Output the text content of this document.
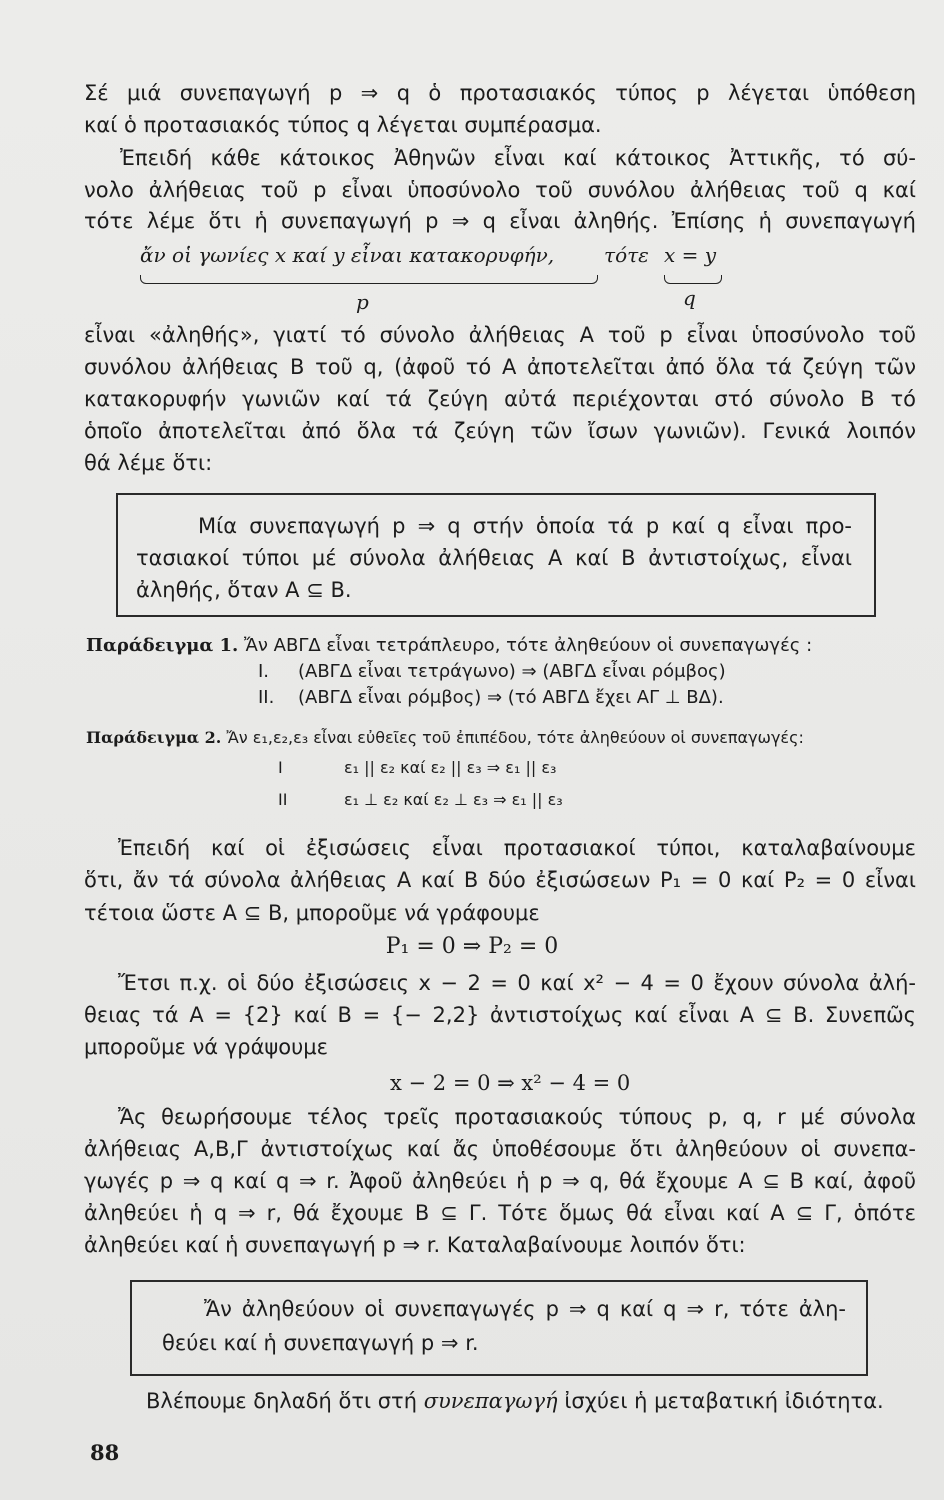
Σέ μιά συνεπαγωγή p ⇒ q ὁ προτασιακός τύπος p λέγεται ὑπόθεση
καί ὁ προτασιακός τύπος q λέγεται συμπέρασμα.
Ἐπειδή κάθε κάτοικος Ἀθηνῶν εἶναι καί κάτοικος Ἀττικῆς, τό σύ-
νολο ἀλήθειας τοῦ p εἶναι ὑποσύνολο τοῦ συνόλου ἀλήθειας τοῦ q καί
τότε λέμε ὅτι ἡ συνεπαγωγή p ⇒ q εἶναι ἀληθής. Ἐπίσης ἡ συνεπαγωγή
ἄν οἱ γωνίες x καί y εἶναι κατακορυφήν, τότε x = y
p	q
εἶναι «ἀληθής», γιατί τό σύνολο ἀλήθειας A τοῦ p εἶναι ὑποσύνολο τοῦ
συνόλου ἀλήθειας B τοῦ q, (ἀφοῦ τό A ἀποτελεῖται ἀπό ὅλα τά ζεύγη τῶν
κατακορυφήν γωνιῶν καί τά ζεύγη αὐτά περιέχονται στό σύνολο B τό
ὁποῖο ἀποτελεῖται ἀπό ὅλα τά ζεύγη τῶν ἴσων γωνιῶν). Γενικά λοιπόν
θά λέμε ὅτι:
Μία συνεπαγωγή p ⇒ q στήν ὁποία τά p καί q εἶναι προ-
τασιακοί τύποι μέ σύνολα ἀλήθειας A καί B ἀντιστοίχως, εἶναι
ἀληθής, ὅταν A ⊆ B.
Παράδειγμα 1. Ἄν ΑΒΓΔ εἶναι τετράπλευρο, τότε ἀληθεύουν οἱ συνεπαγωγές :
I. (ΑΒΓΔ εἶναι τετράγωνο) ⇒ (ΑΒΓΔ εἶναι ρόμβος)
II. (ΑΒΓΔ εἶναι ρόμβος) ⇒ (τό ΑΒΓΔ ἔχει ΑΓ ⊥ ΒΔ).
Παράδειγμα 2. Ἄν ε₁,ε₂,ε₃ εἶναι εὐθεῖες τοῦ ἐπιπέδου, τότε ἀληθεύουν οἱ συνεπαγωγές:
I	ε₁ || ε₂ καί ε₂ || ε₃ ⇒ ε₁ || ε₃
II	ε₁ ⊥ ε₂ καί ε₂ ⊥ ε₃ ⇒ ε₁ || ε₃
Ἐπειδή καί οἱ ἐξισώσεις εἶναι προτασιακοί τύποι, καταλαβαίνουμε
ὅτι, ἄν τά σύνολα ἀλήθειας A καί B δύο ἐξισώσεων P₁ = 0 καί P₂ = 0 εἶναι
τέτοια ὥστε A ⊆ B, μποροῦμε νά γράφουμε
P₁ = 0 ⇒ P₂ = 0
Ἔτσι π.χ. οἱ δύο ἐξισώσεις x − 2 = 0 καί x² − 4 = 0 ἔχουν σύνολα ἀλή-
θειας τά A = {2} καί B = {− 2,2} ἀντιστοίχως καί εἶναι A ⊆ B. Συνεπῶς
μποροῦμε νά γράψουμε
x − 2 = 0 ⇒ x² − 4 = 0
Ἄς θεωρήσουμε τέλος τρεῖς προτασιακούς τύπους p, q, r μέ σύνολα
ἀλήθειας A,B,Γ ἀντιστοίχως καί ἄς ὑποθέσουμε ὅτι ἀληθεύουν οἱ συνεπα-
γωγές p ⇒ q καί q ⇒ r. Ἀφοῦ ἀληθεύει ἡ p ⇒ q, θά ἔχουμε A ⊆ B καί, ἀφοῦ
ἀληθεύει ἡ q ⇒ r, θά ἔχουμε B ⊆ Γ. Τότε ὅμως θά εἶναι καί A ⊆ Γ, ὁπότε
ἀληθεύει καί ἡ συνεπαγωγή p ⇒ r. Καταλαβαίνουμε λοιπόν ὅτι:
Ἄν ἀληθεύουν οἱ συνεπαγωγές p ⇒ q καί q ⇒ r, τότε ἀλη-
θεύει καί ἡ συνεπαγωγή p ⇒ r.
Βλέπουμε δηλαδή ὅτι στή συνεπαγωγή ἰσχύει ἡ μεταβατική ἰδιότητα.
88
